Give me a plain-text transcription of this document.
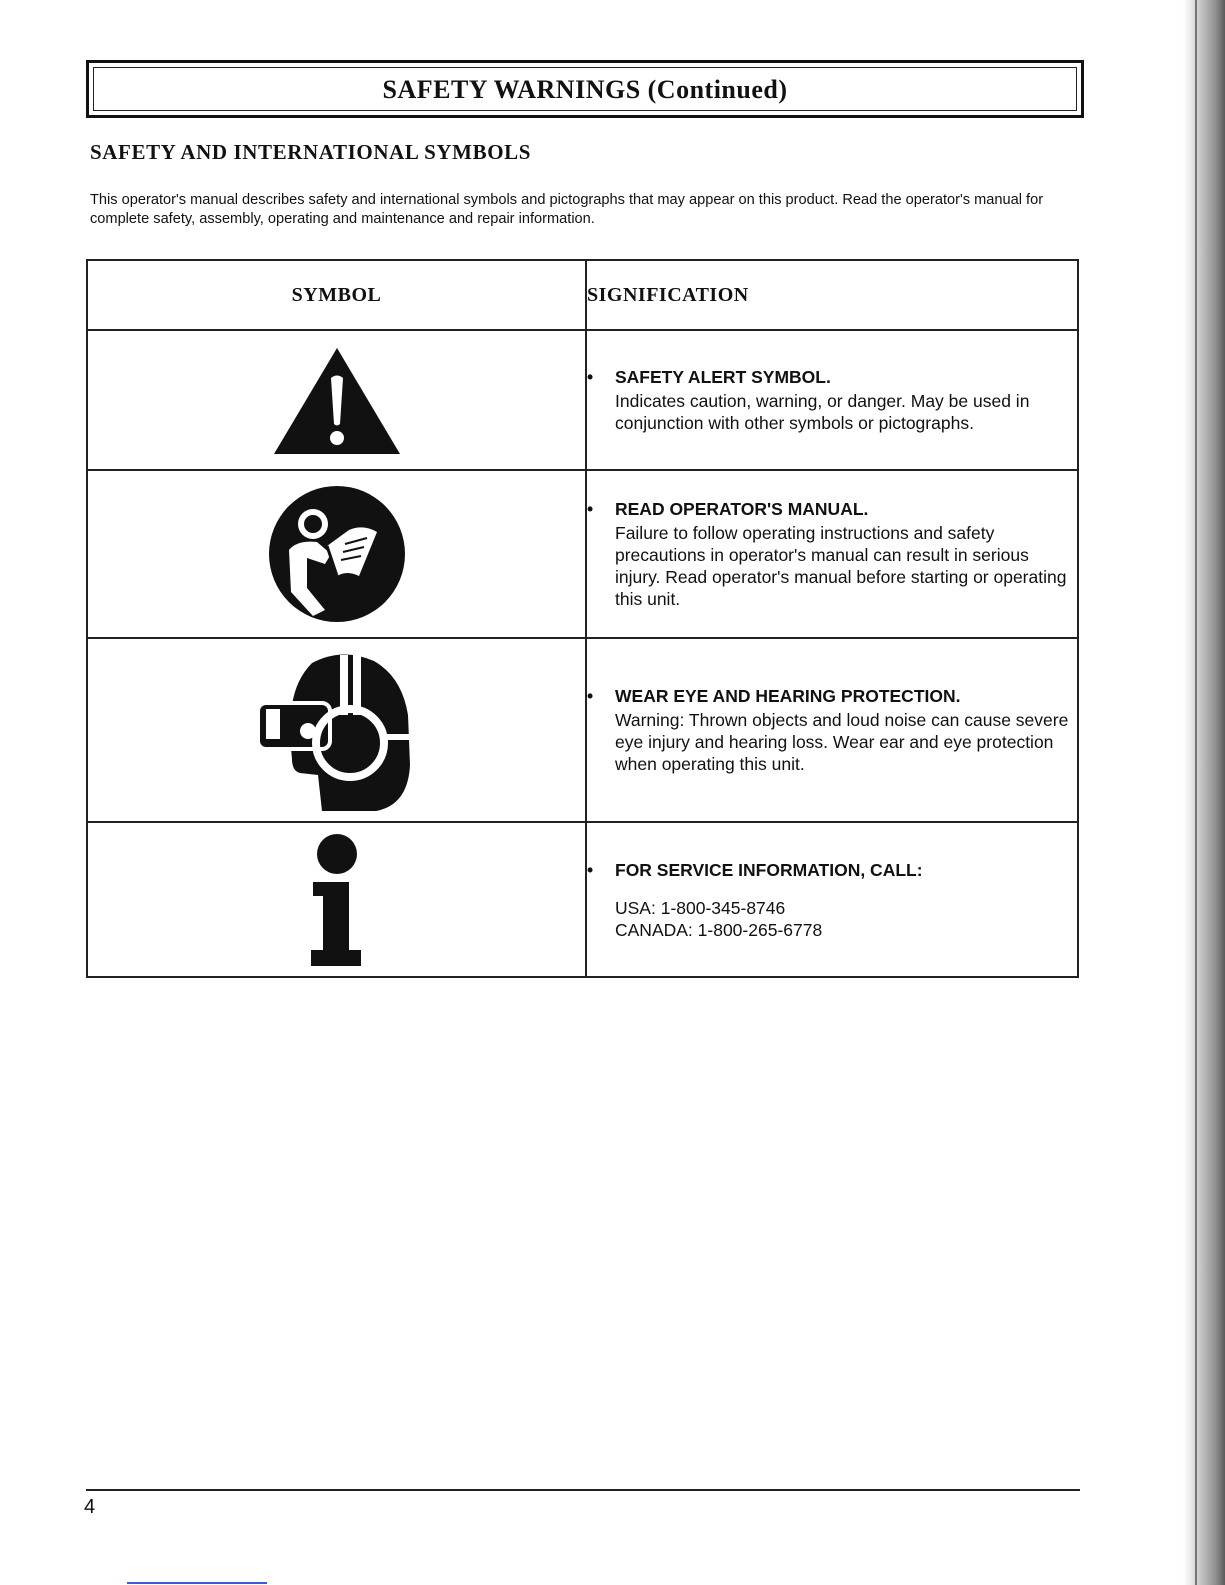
SAFETY WARNINGS (Continued)
SAFETY AND INTERNATIONAL SYMBOLS
This operator's manual describes safety and international symbols and pictographs that may appear on this product. Read the operator's manual for complete safety, assembly, operating and maintenance and repair information.
SYMBOL	SIGNIFICATION

• SAFETY ALERT SYMBOL.
Indicates caution, warning, or danger. May be used in conjunction with other symbols or pictographs.

• READ OPERATOR'S MANUAL.
Failure to follow operating instructions and safety precautions in operator's manual can result in serious injury. Read operator's manual before starting or operating this unit.

• WEAR EYE AND HEARING PROTECTION.
Warning: Thrown objects and loud noise can cause severe eye injury and hearing loss. Wear ear and eye protection when operating this unit.

• FOR SERVICE INFORMATION, CALL:

USA: 1-800-345-8746

CANADA: 1-800-265-6778

4
